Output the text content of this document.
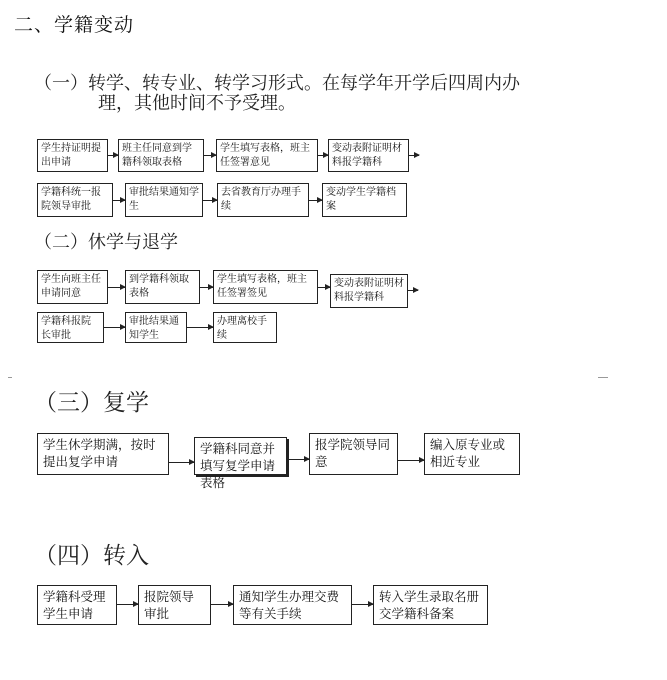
二、学籍变动
（一）转学、转专业、转学习形式。在每学年开学后四周内办
理，其他时间不予受理。
学生持证明提出申请
班主任同意到学籍科领取表格
学生填写表格，班主任签署意见
变动表附证明材料报学籍科
学籍科统一报院领导审批
审批结果通知学生
去省教育厅办理手续
变动学生学籍档案
（二）休学与退学
学生向班主任申请同意
到学籍科领取表格
学生填写表格，班主任签署签见
变动表附证明材料报学籍科
学籍科报院长审批
审批结果通知学生
办理离校手续
（三）复学
学生休学期满，按时提出复学申请
学籍科同意并填写复学申请表格
报学院领导同意
编入原专业或相近专业
（四）转入
学籍科受理学生申请
报院领导审批
通知学生办理交费等有关手续
转入学生录取名册交学籍科备案
